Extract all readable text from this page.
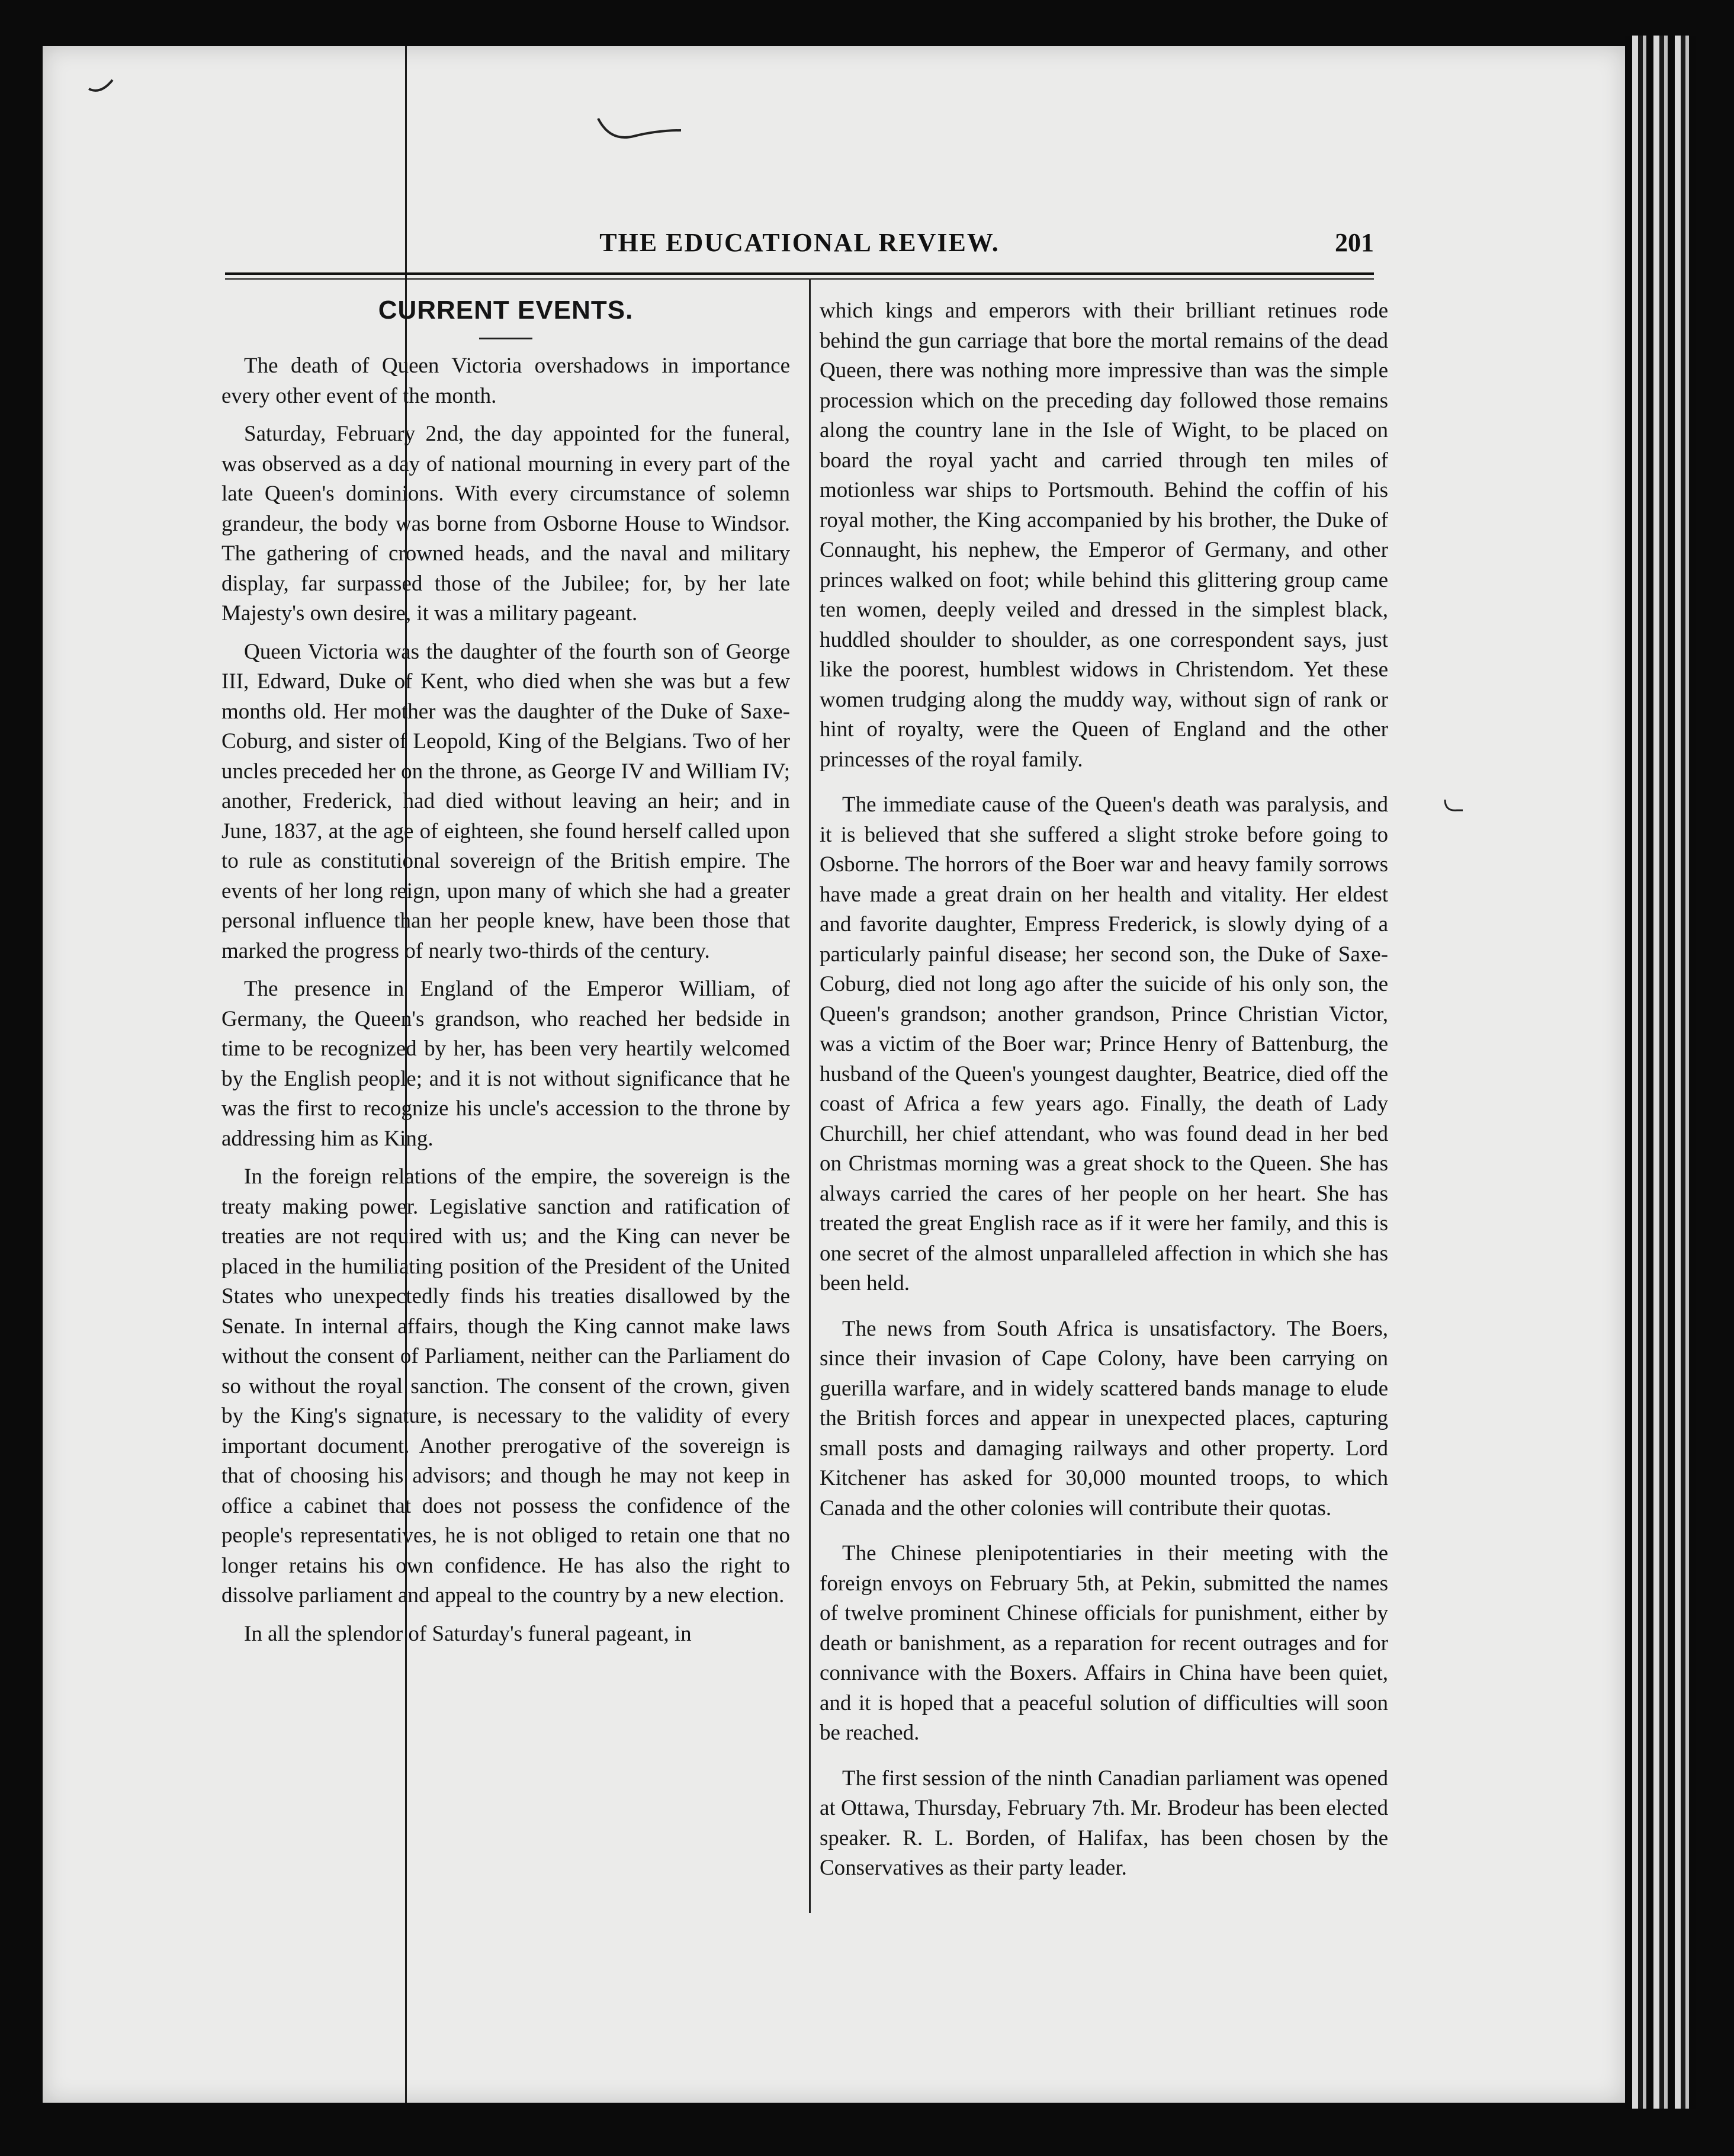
THE EDUCATIONAL REVIEW.	201
CURRENT EVENTS.

The death of Queen Victoria overshadows in importance every other event of the month.

Saturday, February 2nd, the day appointed for the funeral, was observed as a day of national mourning in every part of the late Queen's dominions. With every circumstance of solemn grandeur, the body was borne from Osborne House to Windsor. The gathering of crowned heads, and the naval and military display, far surpassed those of the Jubilee; for, by her late Majesty's own desire, it was a military pageant.

Queen Victoria was the daughter of the fourth son of George III, Edward, Duke of Kent, who died when she was but a few months old. Her mother was the daughter of the Duke of Saxe-Coburg, and sister of Leopold, King of the Belgians. Two of her uncles preceded her on the throne, as George IV and William IV; another, Frederick, had died without leaving an heir; and in June, 1837, at the age of eighteen, she found herself called upon to rule as constitutional sovereign of the British empire. The events of her long reign, upon many of which she had a greater personal influence than her people knew, have been those that marked the progress of nearly two-thirds of the century.

The presence in England of the Emperor William, of Germany, the Queen's grandson, who reached her bedside in time to be recognized by her, has been very heartily welcomed by the English people; and it is not without significance that he was the first to recognize his uncle's accession to the throne by addressing him as King.

In the foreign relations of the empire, the sovereign is the treaty making power. Legislative sanction and ratification of treaties are not required with us; and the King can never be placed in the humiliating position of the President of the United States who unexpectedly finds his treaties disallowed by the Senate. In internal affairs, though the King cannot make laws without the consent of Parliament, neither can the Parliament do so without the royal sanction. The consent of the crown, given by the King's signature, is necessary to the validity of every important document. Another prerogative of the sovereign is that of choosing his advisors; and though he may not keep in office a cabinet that does not possess the confidence of the people's representatives, he is not obliged to retain one that no longer retains his own confidence. He has also the right to dissolve parliament and appeal to the country by a new election.

In all the splendor of Saturday's funeral pageant, in

which kings and emperors with their brilliant retinues rode behind the gun carriage that bore the mortal remains of the dead Queen, there was nothing more impressive than was the simple procession which on the preceding day followed those remains along the country lane in the Isle of Wight, to be placed on board the royal yacht and carried through ten miles of motionless war ships to Portsmouth. Behind the coffin of his royal mother, the King accompanied by his brother, the Duke of Connaught, his nephew, the Emperor of Germany, and other princes walked on foot; while behind this glittering group came ten women, deeply veiled and dressed in the simplest black, huddled shoulder to shoulder, as one correspondent says, just like the poorest, humblest widows in Christendom. Yet these women trudging along the muddy way, without sign of rank or hint of royalty, were the Queen of England and the other princesses of the royal family.

The immediate cause of the Queen's death was paralysis, and it is believed that she suffered a slight stroke before going to Osborne. The horrors of the Boer war and heavy family sorrows have made a great drain on her health and vitality. Her eldest and favorite daughter, Empress Frederick, is slowly dying of a particularly painful disease; her second son, the Duke of Saxe-Coburg, died not long ago after the suicide of his only son, the Queen's grandson; another grandson, Prince Christian Victor, was a victim of the Boer war; Prince Henry of Battenburg, the husband of the Queen's youngest daughter, Beatrice, died off the coast of Africa a few years ago. Finally, the death of Lady Churchill, her chief attendant, who was found dead in her bed on Christmas morning was a great shock to the Queen. She has always carried the cares of her people on her heart. She has treated the great English race as if it were her family, and this is one secret of the almost unparalleled affection in which she has been held.

The news from South Africa is unsatisfactory. The Boers, since their invasion of Cape Colony, have been carrying on guerilla warfare, and in widely scattered bands manage to elude the British forces and appear in unexpected places, capturing small posts and damaging railways and other property. Lord Kitchener has asked for 30,000 mounted troops, to which Canada and the other colonies will contribute their quotas.

The Chinese plenipotentiaries in their meeting with the foreign envoys on February 5th, at Pekin, submitted the names of twelve prominent Chinese officials for punishment, either by death or banishment, as a reparation for recent outrages and for connivance with the Boxers. Affairs in China have been quiet, and it is hoped that a peaceful solution of difficulties will soon be reached.

The first session of the ninth Canadian parliament was opened at Ottawa, Thursday, February 7th. Mr. Brodeur has been elected speaker. R. L. Borden, of Halifax, has been chosen by the Conservatives as their party leader.
